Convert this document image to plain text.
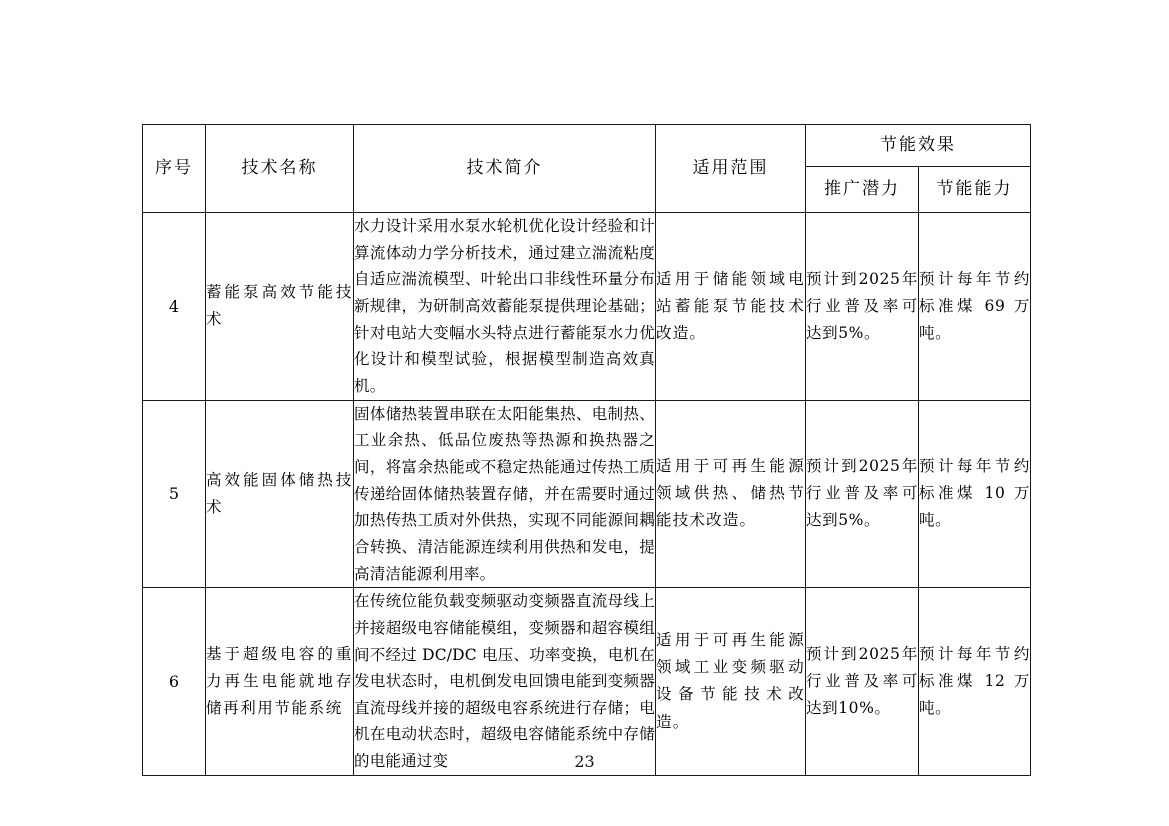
序号	技术名称	技术简介	适用范围	节能效果	
				推广潜力	节能能力
4	蓄能泵高效节能技术	水力设计采用水泵水轮机优化设计经验和计算流体动力学分析技术，通过建立湍流粘度自适应湍流模型、叶轮出口非线性环量分布新规律，为研制高效蓄能泵提供理论基础；针对电站大变幅水头特点进行蓄能泵水力优化设计和模型试验，根据模型制造高效真机。	适用于储能领域电站蓄能泵节能技术改造。	预计到2025年行业普及率可达到5%。	预计每年节约标准煤 69 万吨。
5	高效能固体储热技术	固体储热装置串联在太阳能集热、电制热、工业余热、低品位废热等热源和换热器之间，将富余热能或不稳定热能通过传热工质传递给固体储热装置存储，并在需要时通过加热传热工质对外供热，实现不同能源间耦合转换、清洁能源连续利用供热和发电，提高清洁能源利用率。	适用于可再生能源领域供热、储热节能技术改造。	预计到2025年行业普及率可达到5%。	预计每年节约标准煤 10 万吨。
6	基于超级电容的重力再生电能就地存储再利用节能系统	在传统位能负载变频驱动变频器直流母线上并接超级电容储能模组，变频器和超容模组间不经过 DC/DC 电压、功率变换，电机在发电状态时，电机倒发电回馈电能到变频器直流母线并接的超级电容系统进行存储；电机在电动状态时，超级电容储能系统中存储的电能通过变	适用于可再生能源领域工业变频驱动设备节能技术改造。	预计到2025年行业普及率可达到10%。	预计每年节约标准煤 12 万吨。
23
